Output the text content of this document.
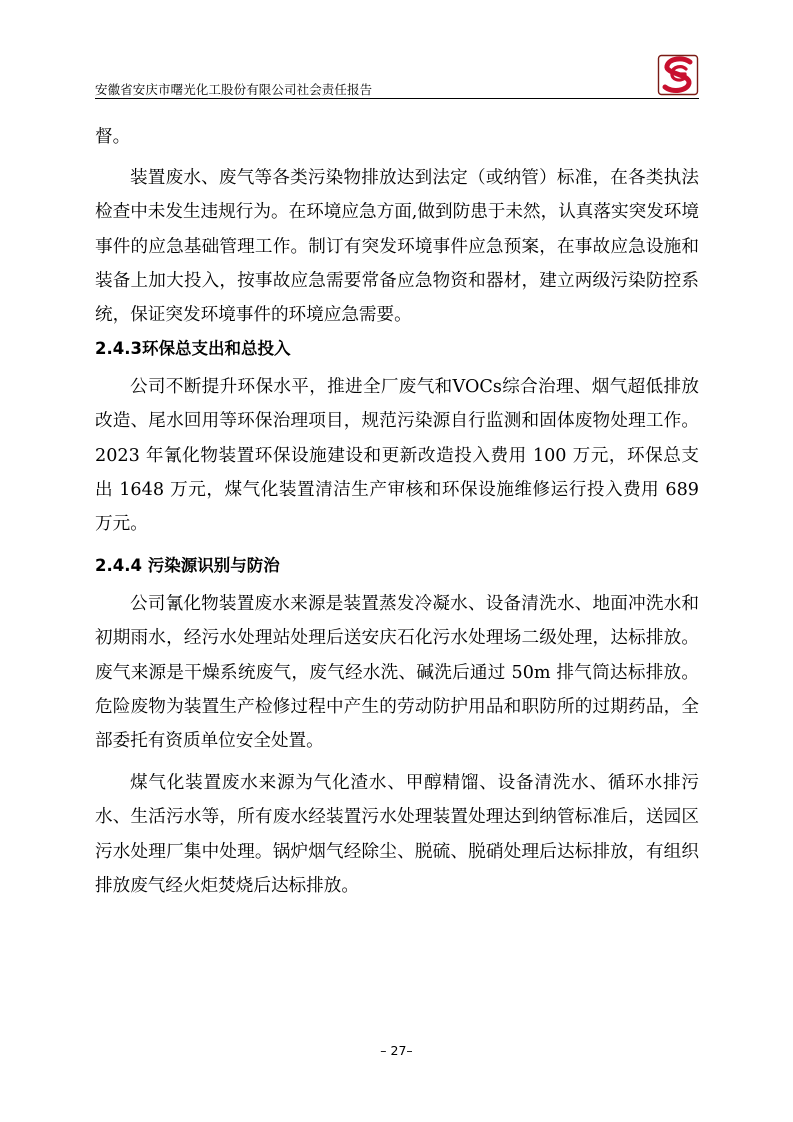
安徽省安庆市曙光化工股份有限公司社会责任报告

督。

装置废水、废气等各类污染物排放达到法定（或纳管）标准，在各类执法检查中未发生违规行为。在环境应急方面,做到防患于未然，认真落实突发环境事件的应急基础管理工作。制订有突发环境事件应急预案，在事故应急设施和装备上加大投入，按事故应急需要常备应急物资和器材，建立两级污染防控系统，保证突发环境事件的环境应急需要。

2.4.3环保总支出和总投入

公司不断提升环保水平，推进全厂废气和VOCs综合治理、烟气超低排放改造、尾水回用等环保治理项目，规范污染源自行监测和固体废物处理工作。2023 年氰化物装置环保设施建设和更新改造投入费用 100 万元，环保总支出 1648 万元，煤气化装置清洁生产审核和环保设施维修运行投入费用 689 万元。

2.4.4 污染源识别与防治

公司氰化物装置废水来源是装置蒸发冷凝水、设备清洗水、地面冲洗水和初期雨水，经污水处理站处理后送安庆石化污水处理场二级处理，达标排放。废气来源是干燥系统废气，废气经水洗、碱洗后通过 50m 排气筒达标排放。危险废物为装置生产检修过程中产生的劳动防护用品和职防所的过期药品，全部委托有资质单位安全处置。

煤气化装置废水来源为气化渣水、甲醇精馏、设备清洗水、循环水排污水、生活污水等，所有废水经装置污水处理装置处理达到纳管标准后，送园区污水处理厂集中处理。锅炉烟气经除尘、脱硫、脱硝处理后达标排放，有组织排放废气经火炬焚烧后达标排放。

– 27–
